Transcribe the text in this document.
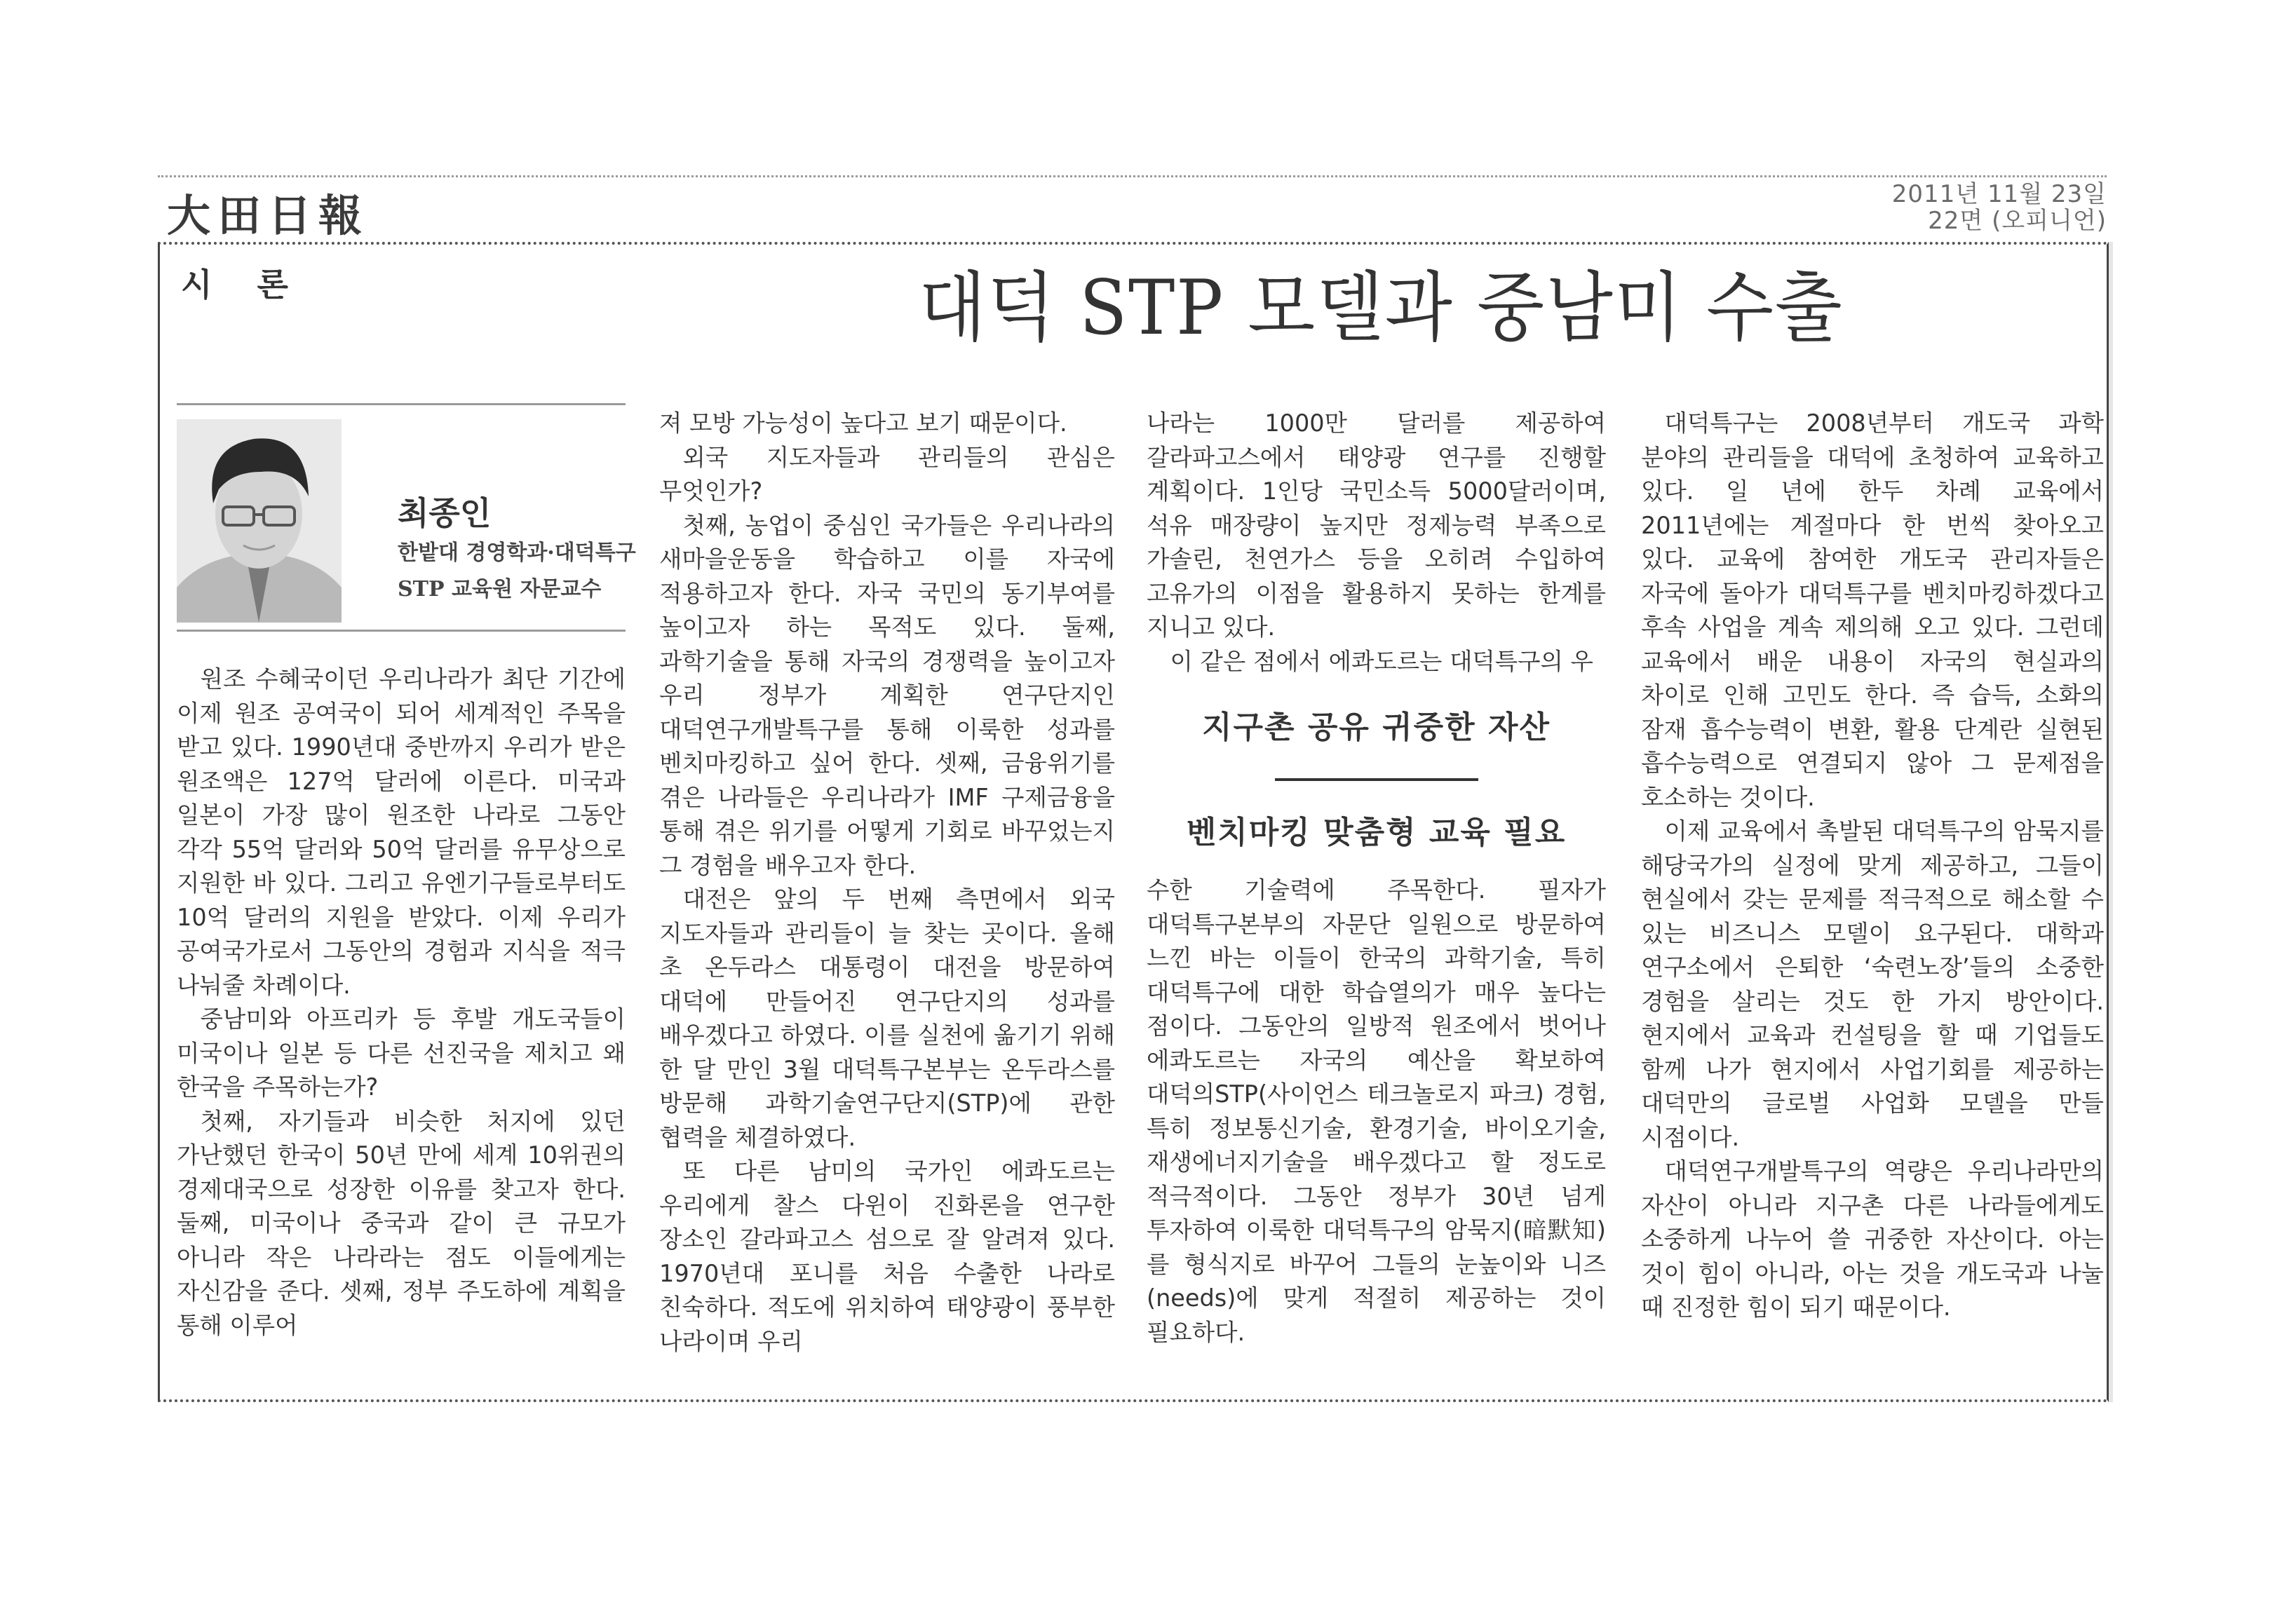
大田日報	2011년 11월 23일
22면 (오피니언)
시 론	대덕 STP 모델과 중남미 수출
최종인
한밭대 경영학과·대덕특구
STP 교육원 자문교수

원조 수혜국이던 우리나라가 최단 기간에 이제 원조 공여국이 되어 세계적인 주목을 받고 있다. 1990년대 중반까지 우리가 받은 원조액은 127억 달러에 이른다. 미국과 일본이 가장 많이 원조한 나라로 그동안 각각 55억 달러와 50억 달러를 유무상으로 지원한 바 있다. 그리고 유엔기구들로부터도 10억 달러의 지원을 받았다. 이제 우리가 공여국가로서 그동안의 경험과 지식을 적극 나눠줄 차례이다.

중남미와 아프리카 등 후발 개도국들이 미국이나 일본 등 다른 선진국을 제치고 왜 한국을 주목하는가?

첫째, 자기들과 비슷한 처지에 있던 가난했던 한국이 50년 만에 세계 10위권의 경제대국으로 성장한 이유를 찾고자 한다. 둘째, 미국이나 중국과 같이 큰 규모가 아니라 작은 나라라는 점도 이들에게는 자신감을 준다. 셋째, 정부 주도하에 계획을 통해 이루어

져 모방 가능성이 높다고 보기 때문이다.

외국 지도자들과 관리들의 관심은 무엇인가?

첫째, 농업이 중심인 국가들은 우리나라의 새마을운동을 학습하고 이를 자국에 적용하고자 한다. 자국 국민의 동기부여를 높이고자 하는 목적도 있다. 둘째, 과학기술을 통해 자국의 경쟁력을 높이고자 우리 정부가 계획한 연구단지인 대덕연구개발특구를 통해 이룩한 성과를 벤치마킹하고 싶어 한다. 셋째, 금융위기를 겪은 나라들은 우리나라가 IMF 구제금융을 통해 겪은 위기를 어떻게 기회로 바꾸었는지 그 경험을 배우고자 한다.

대전은 앞의 두 번째 측면에서 외국 지도자들과 관리들이 늘 찾는 곳이다. 올해 초 온두라스 대통령이 대전을 방문하여 대덕에 만들어진 연구단지의 성과를 배우겠다고 하였다. 이를 실천에 옮기기 위해 한 달 만인 3월 대덕특구본부는 온두라스를 방문해 과학기술연구단지(STP)에 관한 협력을 체결하였다.

또 다른 남미의 국가인 에콰도르는 우리에게 찰스 다윈이 진화론을 연구한 장소인 갈라파고스 섬으로 잘 알려져 있다. 1970년대 포니를 처음 수출한 나라로 친숙하다. 적도에 위치하여 태양광이 풍부한 나라이며 우리

나라는 1000만 달러를 제공하여 갈라파고스에서 태양광 연구를 진행할 계획이다. 1인당 국민소득 5000달러이며, 석유 매장량이 높지만 정제능력 부족으로 가솔린, 천연가스 등을 오히려 수입하여 고유가의 이점을 활용하지 못하는 한계를 지니고 있다.

이 같은 점에서 에콰도르는 대덕특구의 우

지구촌 공유 귀중한 자산
벤치마킹 맞춤형 교육 필요

수한 기술력에 주목한다. 필자가 대덕특구본부의 자문단 일원으로 방문하여 느낀 바는 이들이 한국의 과학기술, 특히 대덕특구에 대한 학습열의가 매우 높다는 점이다. 그동안의 일방적 원조에서 벗어나 에콰도르는 자국의 예산을 확보하여 대덕의STP(사이언스 테크놀로지 파크) 경험, 특히 정보통신기술, 환경기술, 바이오기술, 재생에너지기술을 배우겠다고 할 정도로 적극적이다. 그동안 정부가 30년 넘게 투자하여 이룩한 대덕특구의 암묵지(暗默知)를 형식지로 바꾸어 그들의 눈높이와 니즈(needs)에 맞게 적절히 제공하는 것이 필요하다.

대덕특구는 2008년부터 개도국 과학 분야의 관리들을 대덕에 초청하여 교육하고 있다. 일 년에 한두 차례 교육에서 2011년에는 계절마다 한 번씩 찾아오고 있다. 교육에 참여한 개도국 관리자들은 자국에 돌아가 대덕특구를 벤치마킹하겠다고 후속 사업을 계속 제의해 오고 있다. 그런데 교육에서 배운 내용이 자국의 현실과의 차이로 인해 고민도 한다. 즉 습득, 소화의 잠재 흡수능력이 변환, 활용 단계란 실현된 흡수능력으로 연결되지 않아 그 문제점을 호소하는 것이다.

이제 교육에서 촉발된 대덕특구의 암묵지를 해당국가의 실정에 맞게 제공하고, 그들이 현실에서 갖는 문제를 적극적으로 해소할 수 있는 비즈니스 모델이 요구된다. 대학과 연구소에서 은퇴한 ‘숙련노장’들의 소중한 경험을 살리는 것도 한 가지 방안이다. 현지에서 교육과 컨설팅을 할 때 기업들도 함께 나가 현지에서 사업기회를 제공하는 대덕만의 글로벌 사업화 모델을 만들 시점이다.

대덕연구개발특구의 역량은 우리나라만의 자산이 아니라 지구촌 다른 나라들에게도 소중하게 나누어 쓸 귀중한 자산이다. 아는 것이 힘이 아니라, 아는 것을 개도국과 나눌 때 진정한 힘이 되기 때문이다.
